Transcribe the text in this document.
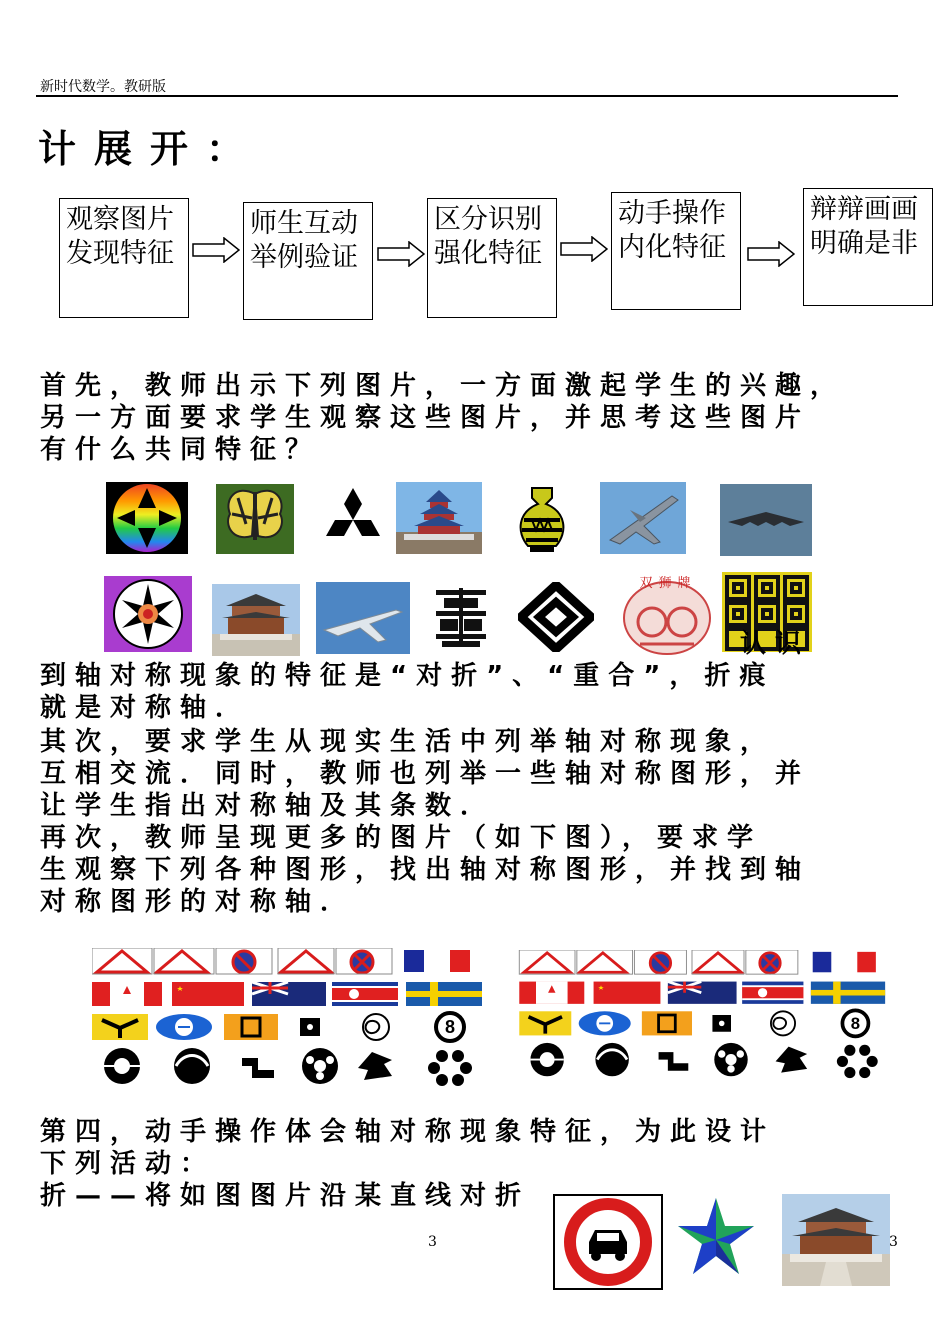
新时代数学。教研版
计展开：
观察图片
发现特征
师生互动
举例验证
区分识别
强化特征
动手操作
内化特征
辩辩画画
明确是非
首先，教师出示下列图片，一方面激起学生的兴趣，
另一方面要求学生观察这些图片，并思考这些图片
有什么共同特征？
双狮牌
认识
到轴对称现象的特征是“对折”、“重合”，折痕
就是对称轴．
其次，要求学生从现实生活中列举轴对称现象，
互相交流．同时，教师也列举一些轴对称图形，并
让学生指出对称轴及其条数．
再次，教师呈现更多的图片（如下图），要求学
生观察下列各种图形，找出轴对称图形，并找到轴
对称图形的对称轴．
8	8
第四，动手操作体会轴对称现象特征，为此设计
下列活动：
折——将如图图片沿某直线对折
3	3
